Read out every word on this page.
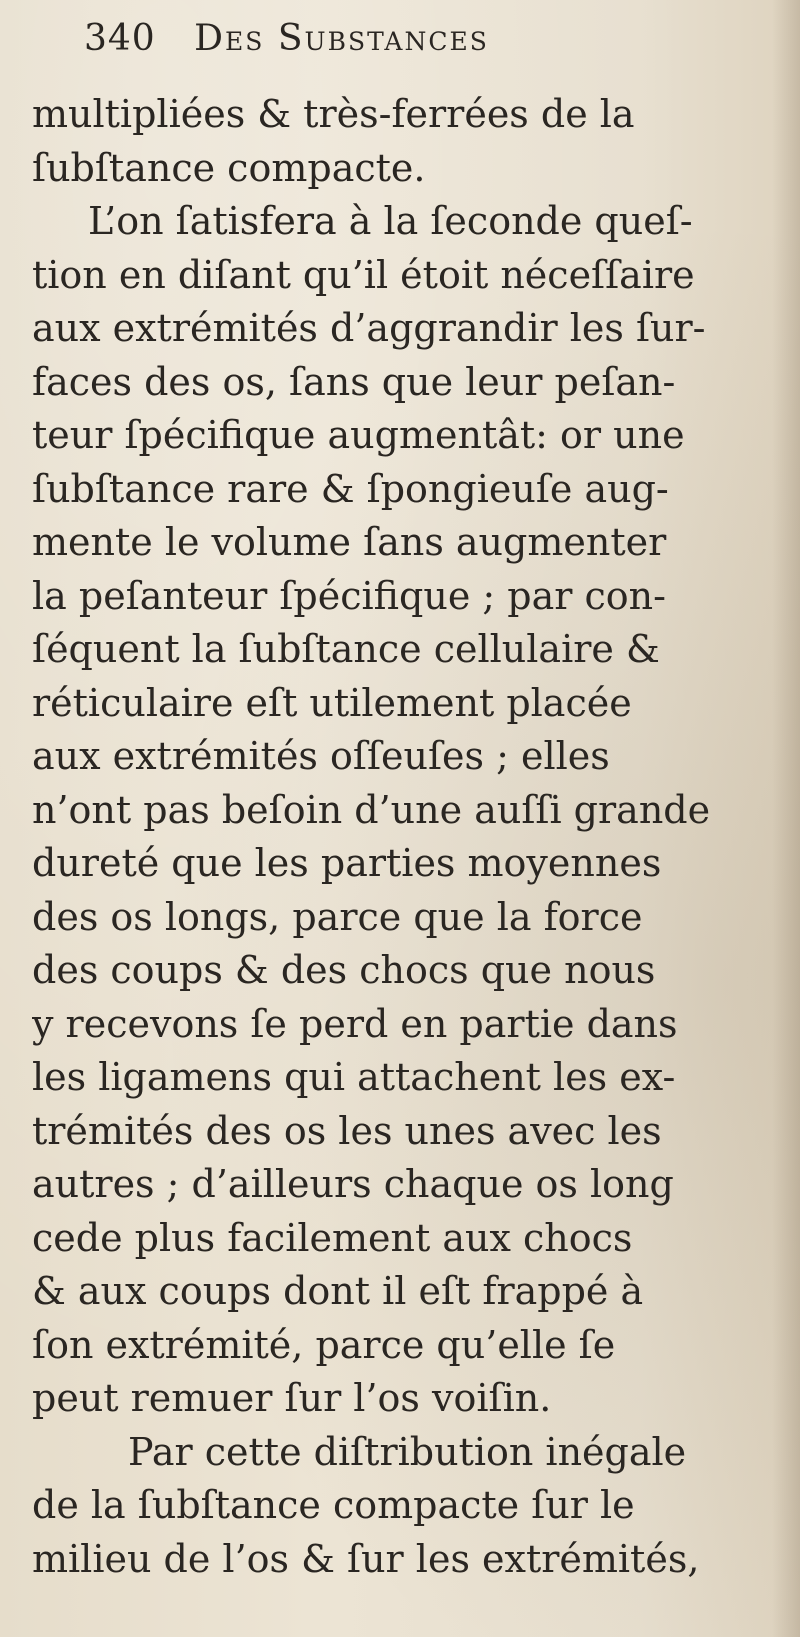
340 Des Substances
multipliées & très-ferrées de la
ſubſtance compacte.
L’on ſatisfera à la ſeconde queſ-
tion en diſant qu’il étoit néceſſaire
aux extrémités d’aggrandir les ſur-
faces des os, ſans que leur peſan-
teur ſpécifique augmentât: or une
ſubſtance rare & ſpongieuſe aug-
mente le volume ſans augmenter
la peſanteur ſpécifique ; par con-
ſéquent la ſubſtance cellulaire &
réticulaire eſt utilement placée
aux extrémités oſſeuſes ; elles
n’ont pas beſoin d’une auſſi grande
dureté que les parties moyennes
des os longs, parce que la force
des coups & des chocs que nous
y recevons ſe perd en partie dans
les ligamens qui attachent les ex-
trémités des os les unes avec les
autres ; d’ailleurs chaque os long
cede plus facilement aux chocs
& aux coups dont il eſt frappé à
ſon extrémité, parce qu’elle ſe
peut remuer ſur l’os voiſin.
Par cette diſtribution inégale
de la ſubſtance compacte ſur le
milieu de l’os & ſur les extrémités,
